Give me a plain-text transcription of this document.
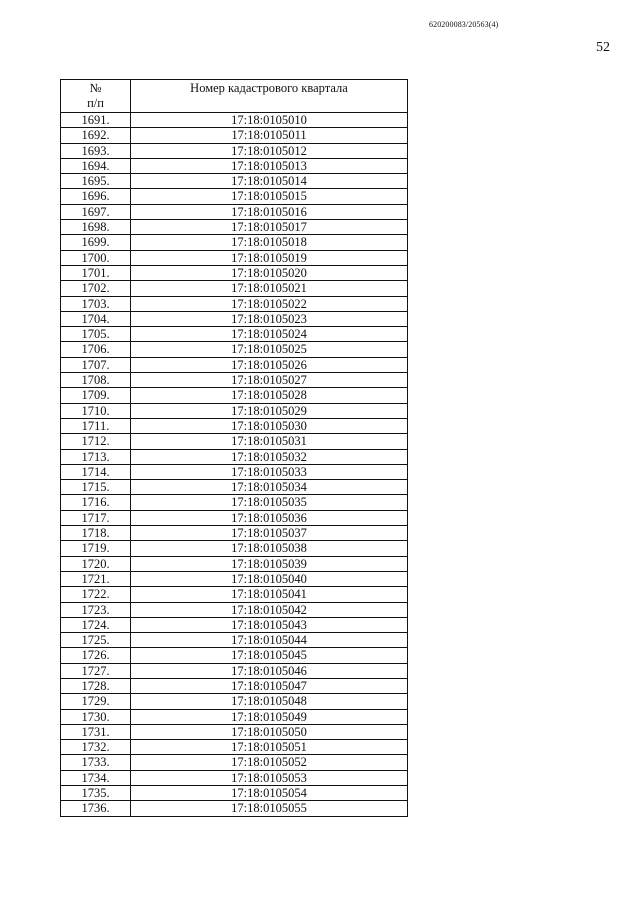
620200083/20563(4)
52
№
п/п	Номер кадастрового квартала
1691.	17:18:0105010
1692.	17:18:0105011
1693.	17:18:0105012
1694.	17:18:0105013
1695.	17:18:0105014
1696.	17:18:0105015
1697.	17:18:0105016
1698.	17:18:0105017
1699.	17:18:0105018
1700.	17:18:0105019
1701.	17:18:0105020
1702.	17:18:0105021
1703.	17:18:0105022
1704.	17:18:0105023
1705.	17:18:0105024
1706.	17:18:0105025
1707.	17:18:0105026
1708.	17:18:0105027
1709.	17:18:0105028
1710.	17:18:0105029
1711.	17:18:0105030
1712.	17:18:0105031
1713.	17:18:0105032
1714.	17:18:0105033
1715.	17:18:0105034
1716.	17:18:0105035
1717.	17:18:0105036
1718.	17:18:0105037
1719.	17:18:0105038
1720.	17:18:0105039
1721.	17:18:0105040
1722.	17:18:0105041
1723.	17:18:0105042
1724.	17:18:0105043
1725.	17:18:0105044
1726.	17:18:0105045
1727.	17:18:0105046
1728.	17:18:0105047
1729.	17:18:0105048
1730.	17:18:0105049
1731.	17:18:0105050
1732.	17:18:0105051
1733.	17:18:0105052
1734.	17:18:0105053
1735.	17:18:0105054
1736.	17:18:0105055
